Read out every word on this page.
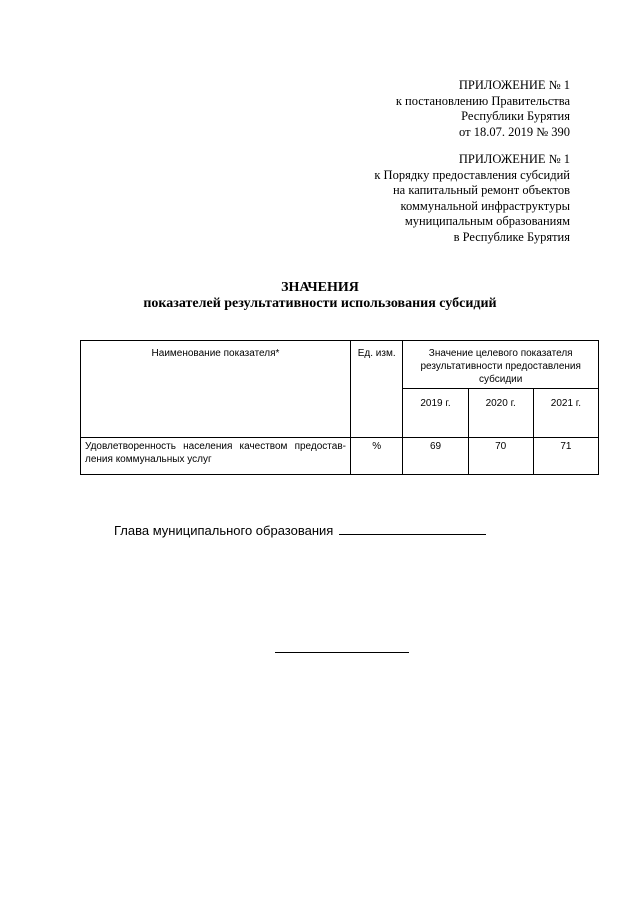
ПРИЛОЖЕНИЕ № 1
к постановлению Правительства
Республики Бурятия
от 18.07. 2019 № 390
ПРИЛОЖЕНИЕ № 1
к Порядку предоставления субсидий
на капитальный ремонт объектов
коммунальной инфраструктуры
муниципальным образованиям
в Республике Бурятия
ЗНАЧЕНИЯ
показателей результативности использования субсидий
Наименование показателя*	Ед. изм.	Значение целевого показателя результативности предоставления субсидии		
		2019 г.	2020 г.	2021 г.
Удовлетворенность населения качеством предостав-ления коммунальных услуг	%	69	70	71
Глава муниципального образования
